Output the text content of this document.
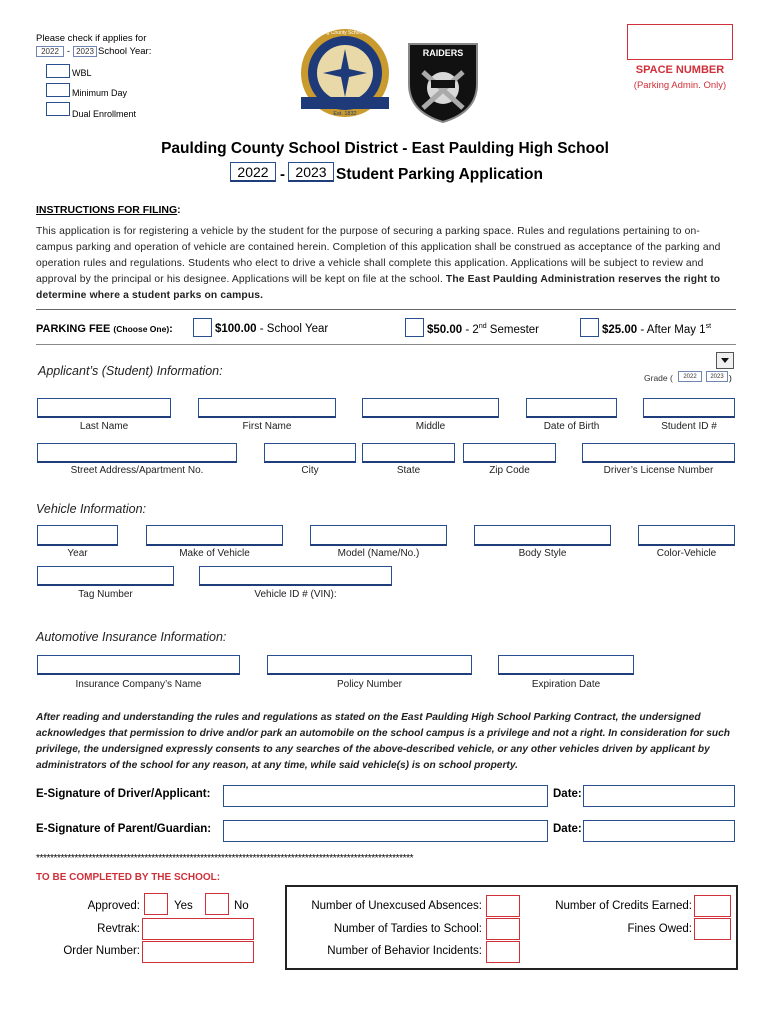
Please check if applies for
2022 - 2023 School Year:
WBL
Minimum Day
Dual Enrollment
Paulding County School District
Est. 1832
RAIDERS
SPACE NUMBER
(Parking Admin. Only)
Paulding County School District - East Paulding High School
2022 - 2023 Student Parking Application
INSTRUCTIONS FOR FILING:
This application is for registering a vehicle by the student for the purpose of securing a parking space. Rules and regulations pertaining to on-campus parking and operation of vehicle are contained herein. Completion of this application shall be construed as acceptance of the parking and operation rules and regulations. Students who elect to drive a vehicle shall complete this application. Applications will be subject to review and approval by the principal or his designee. Applications will be kept on file at the school. The East Paulding Administration reserves the right to determine where a student parks on campus.
PARKING FEE (Choose One):	$100.00 - School Year	$50.00 - 2nd Semester	$25.00 - After May 1st
Applicant’s (Student) Information:	Grade (	2022	2023 )
Last Name	First Name	Middle	Date of Birth	Student ID #
Street Address/Apartment No.	City	State	Zip Code	Driver’s License Number
Vehicle Information:
Year	Make of Vehicle	Model (Name/No.)	Body Style	Color-Vehicle
Tag Number	Vehicle ID # (VIN):
Automotive Insurance Information:
Insurance Company’s Name	Policy Number	Expiration Date
After reading and understanding the rules and regulations as stated on the East Paulding High School Parking Contract, the undersigned acknowledges that permission to drive and/or park an automobile on the school campus is a privilege and not a right. In consideration for such privilege, the undersigned expressly consents to any searches of the above-described vehicle, or any other vehicles driven by applicant by administrators of the school for any reason, at any time, while said vehicle(s) is on school property.
E-Signature of Driver/Applicant:	Date:
E-Signature of Parent/Guardian:	Date:
************************************************************************************************************
TO BE COMPLETED BY THE SCHOOL:
Approved:	Yes	No
Revtrak:
Order Number:
Number of Unexcused Absences:
Number of Tardies to School:
Number of Behavior Incidents:
Number of Credits Earned:
Fines Owed:
